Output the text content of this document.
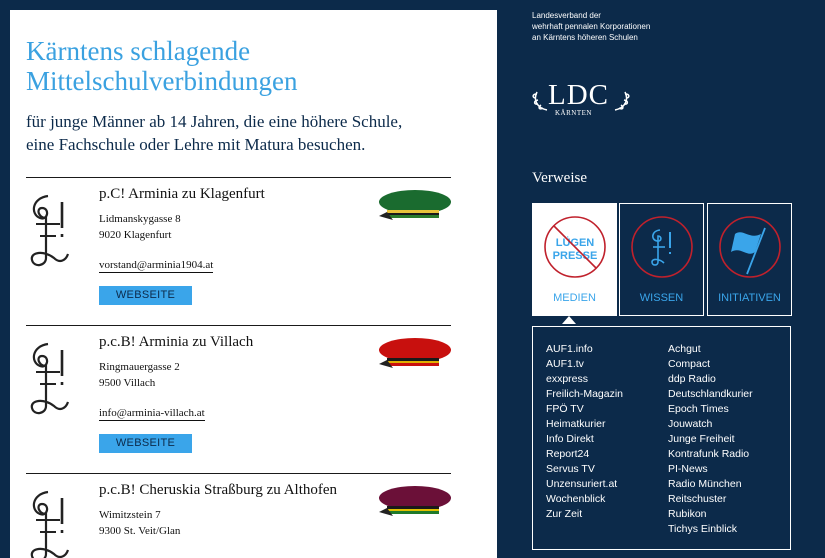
Kärntens schlagende Mittelschulverbindungen

für junge Männer ab 14 Jahren, die eine höhere Schule,
eine Fachschule oder Lehre mit Matura besuchen.

p.C! Arminia zu Klagenfurt
Lidmanskygasse 8
9020 Klagenfurt
vorstand@arminia1904.at
WEBSEITE
p.c.B! Arminia zu Villach
Ringmauergasse 2
9500 Villach
info@arminia-villach.at
WEBSEITE
p.c.B! Cheruskia Straßburg zu Althofen
Wimitzstein 7
9300 St. Veit/Glan
Landesverband der
wehrhaft pennalen Korporationen
an Kärntens höheren Schulen
LDC
KÄRNTEN
Verweise
LÜGEN
PRESSE
MEDIEN	WISSEN	INITIATIVEN
AUF1.info
AUF1.tv
exxpress
Freilich-Magazin
FPÖ TV
Heimatkurier
Info Direkt
Report24
Servus TV
Unzensuriert.at
Wochenblick
Zur Zeit
Achgut
Compact
ddp Radio
Deutschlandkurier
Epoch Times
Jouwatch
Junge Freiheit
Kontrafunk Radio
PI-News
Radio München
Reitschuster
Rubikon
Tichys Einblick
